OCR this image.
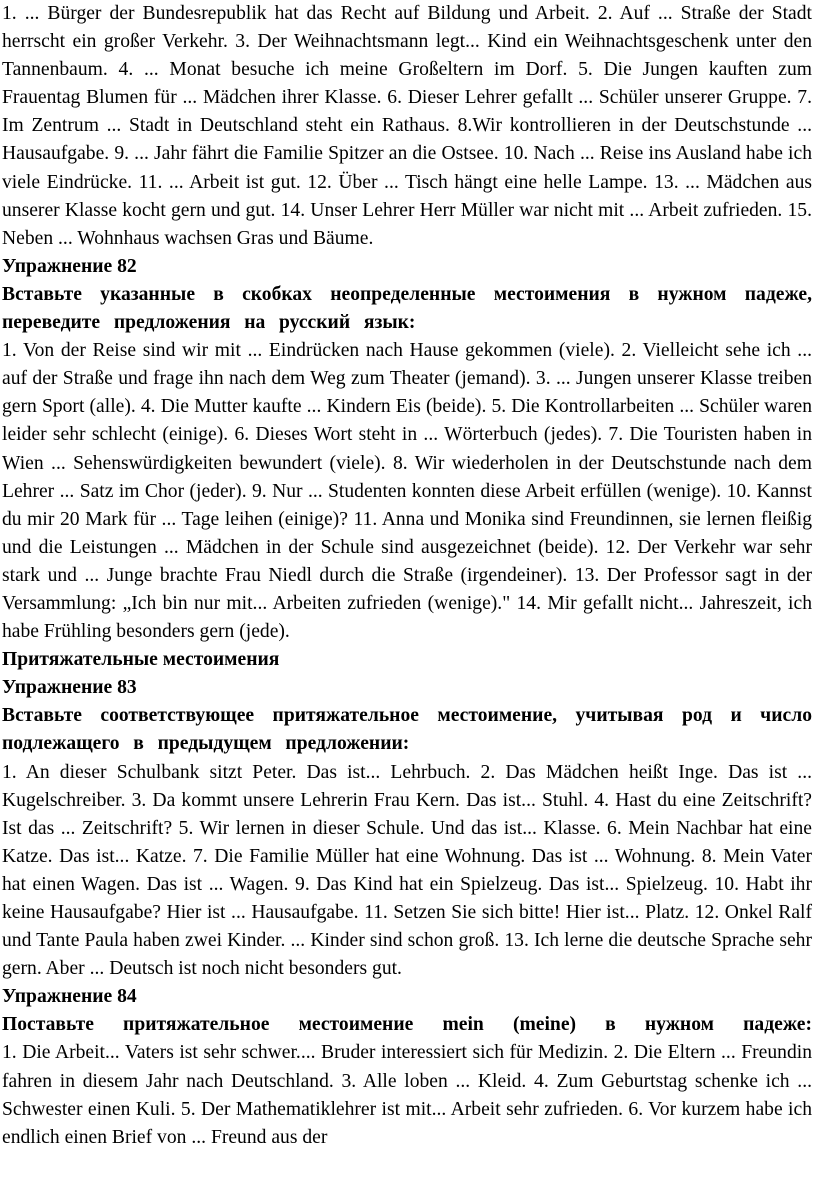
1. ... Bürger der Bundesrepublik hat das Recht auf Bildung und Arbeit. 2. Auf ... Straße der Stadt herrscht ein großer Verkehr. 3. Der Weihnachtsmann legt... Kind ein Weihnachtsgeschenk unter den Tannenbaum. 4. ... Monat besuche ich meine Großeltern im Dorf. 5. Die Jungen kauften zum Frauentag Blumen für ... Mädchen ihrer Klasse. 6. Dieser Lehrer gefallt ... Schüler unserer Gruppe. 7. Im Zentrum ... Stadt in Deutschland steht ein Rathaus. 8.Wir kontrollieren in der Deutschstunde ... Hausaufgabe. 9. ... Jahr fährt die Familie Spitzer an die Ostsee. 10. Nach ... Reise ins Ausland habe ich viele Eindrücke. 11. ... Arbeit ist gut. 12. Über ... Tisch hängt eine helle Lampe. 13. ... Mädchen aus unserer Klasse kocht gern und gut. 14. Unser Lehrer Herr Müller war nicht mit ... Arbeit zufrieden. 15. Neben ... Wohnhaus wachsen Gras und Bäume.

Упражнение 82

Вставьте указанные в скобках неопределенные местоимения в нужном падеже, переведите предложения на русский язык:

1. Von der Reise sind wir mit ... Eindrücken nach Hause gekommen (viele). 2. Vielleicht sehe ich ... auf der Straße und frage ihn nach dem Weg zum Theater (jemand). 3. ... Jungen unserer Klasse treiben gern Sport (alle). 4. Die Mutter kaufte ... Kindern Eis (beide). 5. Die Kontrollarbeiten ... Schüler waren leider sehr schlecht (einige). 6. Dieses Wort steht in ... Wörterbuch (jedes). 7. Die Touristen haben in Wien ... Sehenswürdigkeiten bewundert (viele). 8. Wir wiederholen in der Deutschstunde nach dem Lehrer ... Satz im Chor (jeder). 9. Nur ... Studenten konnten diese Arbeit erfüllen (wenige). 10. Kannst du mir 20 Mark für ... Tage leihen (einige)? 11. Anna und Monika sind Freundinnen, sie lernen fleißig und die Leistungen ... Mädchen in der Schule sind ausgezeichnet (beide). 12. Der Verkehr war sehr stark und ... Junge brachte Frau Niedl durch die Straße (irgendeiner). 13. Der Professor sagt in der Versammlung: „Ich bin nur mit... Arbeiten zufrieden (wenige)." 14. Mir gefallt nicht... Jahreszeit, ich habe Frühling besonders gern (jede).

Притяжательные местоимения

Упражнение 83

Вставьте соответствующее притяжательное местоимение, учитывая род и число подлежащего в предыдущем предложении:

1. An dieser Schulbank sitzt Peter. Das ist... Lehrbuch. 2. Das Mädchen heißt Inge. Das ist ... Kugelschreiber. 3. Da kommt unsere Lehrerin Frau Kern. Das ist... Stuhl. 4. Hast du eine Zeitschrift? Ist das ... Zeitschrift? 5. Wir lernen in dieser Schule. Und das ist... Klasse. 6. Mein Nachbar hat eine Katze. Das ist... Katze. 7. Die Familie Müller hat eine Wohnung. Das ist ... Wohnung. 8. Mein Vater hat einen Wagen. Das ist ... Wagen. 9. Das Kind hat ein Spielzeug. Das ist... Spielzeug. 10. Habt ihr keine Hausaufgabe? Hier ist ... Hausaufgabe. 11. Setzen Sie sich bitte! Hier ist... Platz. 12. Onkel Ralf und Tante Paula haben zwei Kinder. ... Kinder sind schon groß. 13. Ich lerne die deutsche Sprache sehr gern. Aber ... Deutsch ist noch nicht besonders gut.

Упражнение 84

Поставьте притяжательное местоимение mein (meine) в нужном падеже:

1. Die Arbeit... Vaters ist sehr schwer.... Bruder interessiert sich für Medizin. 2. Die Eltern ... Freundin fahren in diesem Jahr nach Deutschland. 3. Alle loben ... Kleid. 4. Zum Geburtstag schenke ich ... Schwester einen Kuli. 5. Der Mathematiklehrer ist mit... Arbeit sehr zufrieden. 6. Vor kurzem habe ich endlich einen Brief von ... Freund aus der
